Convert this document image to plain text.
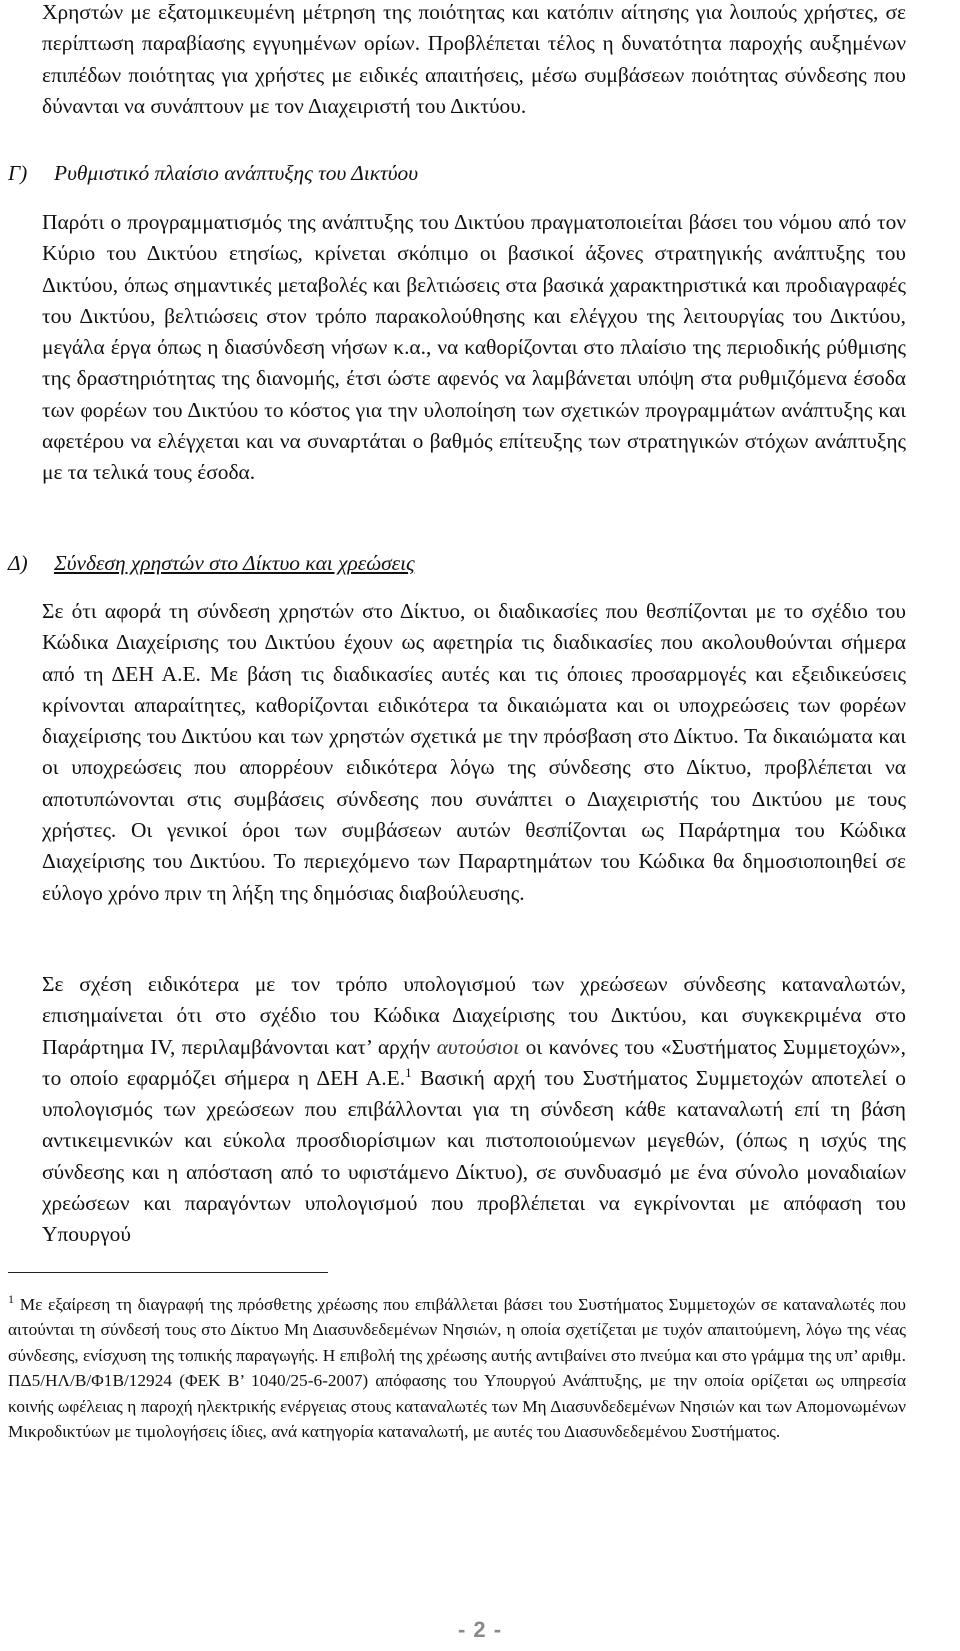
Χρηστών με εξατομικευμένη μέτρηση της ποιότητας και κατόπιν αίτησης για λοιπούς χρήστες, σε περίπτωση παραβίασης εγγυημένων ορίων. Προβλέπεται τέλος η δυνατότητα παροχής αυξημένων επιπέδων ποιότητας για χρήστες με ειδικές απαιτήσεις, μέσω συμβάσεων ποιότητας σύνδεσης που δύνανται να συνάπτουν με τον Διαχειριστή του Δικτύου.

Γ) Ρυθμιστικό πλαίσιο ανάπτυξης του Δικτύου

Παρότι ο προγραμματισμός της ανάπτυξης του Δικτύου πραγματοποιείται βάσει του νόμου από τον Κύριο του Δικτύου ετησίως, κρίνεται σκόπιμο οι βασικοί άξονες στρατηγικής ανάπτυξης του Δικτύου, όπως σημαντικές μεταβολές και βελτιώσεις στα βασικά χαρακτηριστικά και προδιαγραφές του Δικτύου, βελτιώσεις στον τρόπο παρακολούθησης και ελέγχου της λειτουργίας του Δικτύου, μεγάλα έργα όπως η διασύνδεση νήσων κ.α., να καθορίζονται στο πλαίσιο της περιοδικής ρύθμισης της δραστηριότητας της διανομής, έτσι ώστε αφενός να λαμβάνεται υπόψη στα ρυθμιζόμενα έσοδα των φορέων του Δικτύου το κόστος για την υλοποίηση των σχετικών προγραμμάτων ανάπτυξης και αφετέρου να ελέγχεται και να συναρτάται ο βαθμός επίτευξης των στρατηγικών στόχων ανάπτυξης με τα τελικά τους έσοδα.

Δ) Σύνδεση χρηστών στο Δίκτυο και χρεώσεις

Σε ότι αφορά τη σύνδεση χρηστών στο Δίκτυο, οι διαδικασίες που θεσπίζονται με το σχέδιο του Κώδικα Διαχείρισης του Δικτύου έχουν ως αφετηρία τις διαδικασίες που ακολουθούνται σήμερα από τη ΔΕΗ Α.Ε. Με βάση τις διαδικασίες αυτές και τις όποιες προσαρμογές και εξειδικεύσεις κρίνονται απαραίτητες, καθορίζονται ειδικότερα τα δικαιώματα και οι υποχρεώσεις των φορέων διαχείρισης του Δικτύου και των χρηστών σχετικά με την πρόσβαση στο Δίκτυο. Τα δικαιώματα και οι υποχρεώσεις που απορρέουν ειδικότερα λόγω της σύνδεσης στο Δίκτυο, προβλέπεται να αποτυπώνονται στις συμβάσεις σύνδεσης που συνάπτει ο Διαχειριστής του Δικτύου με τους χρήστες. Οι γενικοί όροι των συμβάσεων αυτών θεσπίζονται ως Παράρτημα του Κώδικα Διαχείρισης του Δικτύου. Το περιεχόμενο των Παραρτημάτων του Κώδικα θα δημοσιοποιηθεί σε εύλογο χρόνο πριν τη λήξη της δημόσιας διαβούλευσης.

Σε σχέση ειδικότερα με τον τρόπο υπολογισμού των χρεώσεων σύνδεσης καταναλωτών, επισημαίνεται ότι στο σχέδιο του Κώδικα Διαχείρισης του Δικτύου, και συγκεκριμένα στο Παράρτημα IV, περιλαμβάνονται κατ’ αρχήν αυτούσιοι οι κανόνες του «Συστήματος Συμμετοχών», το οποίο εφαρμόζει σήμερα η ΔΕΗ Α.Ε.$^1$ Βασική αρχή του Συστήματος Συμμετοχών αποτελεί ο υπολογισμός των χρεώσεων που επιβάλλονται για τη σύνδεση κάθε καταναλωτή επί τη βάση αντικειμενικών και εύκολα προσδιορίσιμων και πιστοποιούμενων μεγεθών, (όπως η ισχύς της σύνδεσης και η απόσταση από το υφιστάμενο Δίκτυο), σε συνδυασμό με ένα σύνολο μοναδιαίων χρεώσεων και παραγόντων υπολογισμού που προβλέπεται να εγκρίνονται με απόφαση του Υπουργού

$^1$ Με εξαίρεση τη διαγραφή της πρόσθετης χρέωσης που επιβάλλεται βάσει του Συστήματος Συμμετοχών σε καταναλωτές που αιτούνται τη σύνδεσή τους στο Δίκτυο Μη Διασυνδεδεμένων Νησιών, η οποία σχετίζεται με τυχόν απαιτούμενη, λόγω της νέας σύνδεσης, ενίσχυση της τοπικής παραγωγής. Η επιβολή της χρέωσης αυτής αντιβαίνει στο πνεύμα και στο γράμμα της υπ’ αριθμ. ΠΔ5/ΗΛ/Β/Φ1Β/12924 (ΦΕΚ Β’ 1040/25-6-2007) απόφασης του Υπουργού Ανάπτυξης, με την οποία ορίζεται ως υπηρεσία κοινής ωφέλειας η παροχή ηλεκτρικής ενέργειας στους καταναλωτές των Μη Διασυνδεδεμένων Νησιών και των Απομονωμένων Μικροδικτύων με τιμολογήσεις ίδιες, ανά κατηγορία καταναλωτή, με αυτές του Διασυνδεδεμένου Συστήματος.

- 2 -
